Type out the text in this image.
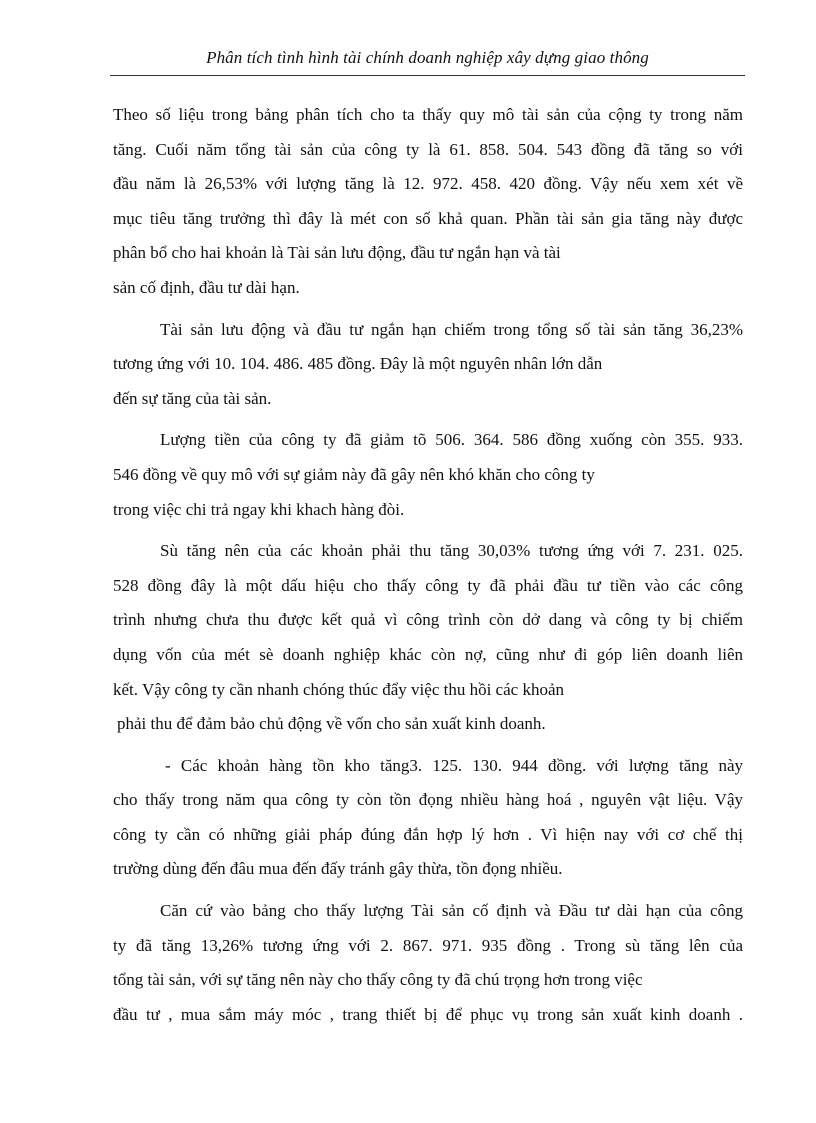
Phân tích tình hình tài chính doanh nghiệp xây dựng giao thông
Theo số liệu trong bảng phân tích cho ta thấy quy mô tài sản của cộng ty trong năm
tăng. Cuối năm tổng tài sản của công ty là 61. 858. 504. 543 đồng đã tăng so với
đầu năm là 26,53% với lượng tăng là 12. 972. 458. 420 đồng. Vậy nếu xem xét về
mục tiêu tăng trưởng thì đây là mét con số khả quan. Phần tài sản gia tăng này được
phân bổ cho hai khoản là Tài sản lưu động, đầu tư ngắn hạn và tài
sản cố định, đầu tư dài hạn.
Tài sản lưu động và đầu tư ngắn hạn chiếm trong tổng số tài sản tăng 36,23%
tương ứng với 10. 104. 486. 485 đồng. Đây là một nguyên nhân lớn dẫn
đến sự tăng của tài sản.
Lượng tiền của công ty đã giảm tõ 506. 364. 586 đồng xuống còn 355. 933.
546 đồng về quy mô với sự giảm này đã gây nên khó khăn cho công ty
trong việc chi trả ngay khi khach hàng đòi.
Sù tăng nên của các khoản phải thu tăng 30,03% tương ứng với 7. 231. 025.
528 đồng đây là một dấu hiệu cho thấy công ty đã phải đầu tư tiền vào các công
trình nhưng chưa thu được kết quả vì công trình còn dở dang và công ty bị chiếm
dụng vốn của mét sè doanh nghiệp khác còn nợ, cũng như đi góp liên doanh liên
kết. Vậy công ty cần nhanh chóng thúc đẩy việc thu hồi các khoản
phải thu để đảm bảo chủ động về vốn cho sản xuất kinh doanh.
- Các khoản hàng tồn kho tăng3. 125. 130. 944 đồng. với lượng tăng này
cho thấy trong năm qua công ty còn tồn đọng nhiều hàng hoá , nguyên vật liệu. Vậy
công ty cần có những giải pháp đúng đắn hợp lý hơn . Vì hiện nay với cơ chế thị
trường dùng đến đâu mua đến đấy tránh gây thừa, tồn đọng nhiều.
Căn cứ vào bảng cho thấy lượng Tài sản cố định và Đầu tư dài hạn của công
ty đã tăng 13,26% tương ứng với 2. 867. 971. 935 đồng . Trong sù tăng lên của
tổng tài sản, với sự tăng nên này cho thấy công ty đã chú trọng hơn trong việc
đầu tư , mua sắm máy móc , trang thiết bị để phục vụ trong sản xuất kinh doanh .
